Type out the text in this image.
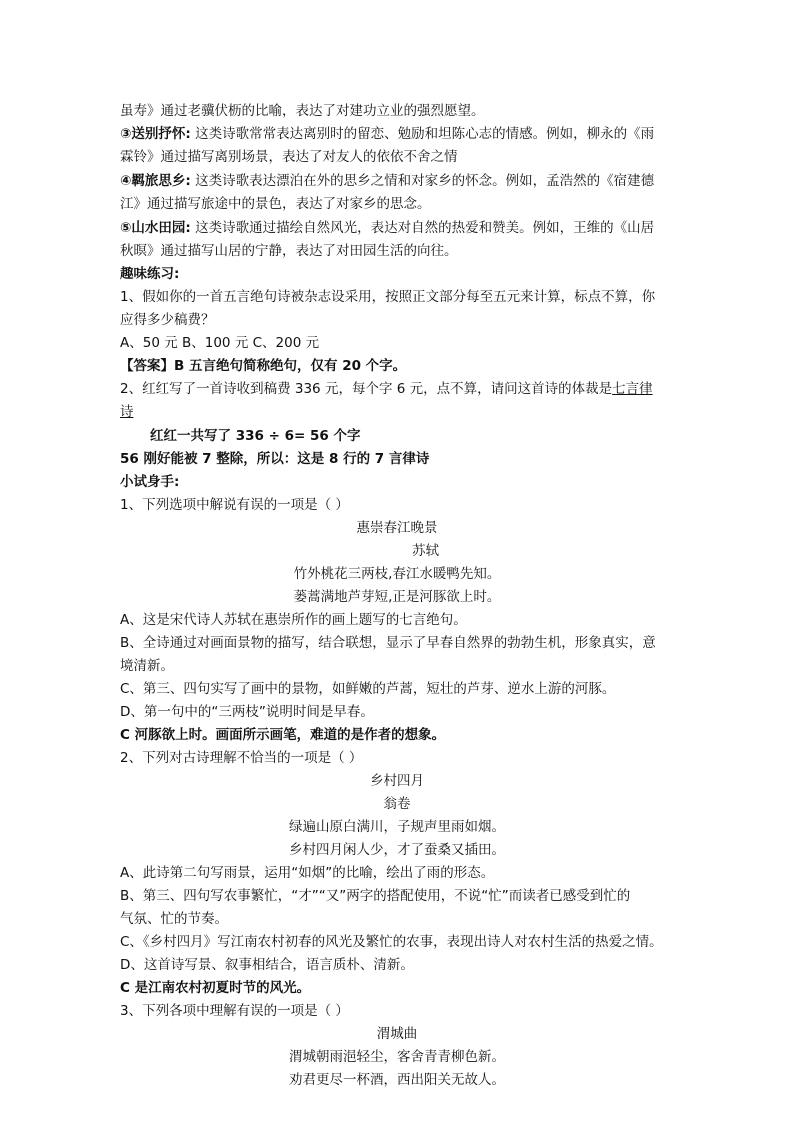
虽寿》通过老骥伏枥的比喻，表达了对建功立业的强烈愿望。
③送别抒怀: 这类诗歌常常表达离别时的留恋、勉励和坦陈心志的情感。例如，柳永的《雨
霖铃》通过描写离别场景，表达了对友人的依依不舍之情
④羁旅思乡: 这类诗歌表达漂泊在外的思乡之情和对家乡的怀念。例如，孟浩然的《宿建德
江》通过描写旅途中的景色，表达了对家乡的思念。
⑤山水田园: 这类诗歌通过描绘自然风光，表达对自然的热爱和赞美。例如，王维的《山居
秋暝》通过描写山居的宁静，表达了对田园生活的向往。
趣味练习:
1、假如你的一首五言绝句诗被杂志设采用，按照正文部分每至五元来计算，标点不算，你
应得多少稿费？
A、50 元 B、100 元 C、200 元
【答案】B 五言绝句简称绝句，仅有 20 个字。
2、红红写了一首诗收到稿费 336 元，每个字 6 元，点不算，请问这首诗的体裁是七言律
诗
红红一共写了 336 ÷ 6= 56 个字
56 刚好能被 7 整除，所以：这是 8 行的 7 言律诗
小试身手:
1、下列选项中解说有误的一项是（ ）
惠崇春江晚景
苏轼
竹外桃花三两枝,春江水暖鸭先知。
蒌蒿满地芦芽短,正是河豚欲上时。
A、这是宋代诗人苏轼在惠崇所作的画上题写的七言绝句。
B、全诗通过对画面景物的描写，结合联想，显示了早春自然界的勃勃生机，形象真实，意
境清新。
C、第三、四句实写了画中的景物，如鲜嫩的芦蒿，短壮的芦芽、逆水上游的河豚。
D、第一句中的“三两枝”说明时间是早春。
C 河豚欲上时。画面所示画笔，难道的是作者的想象。
2、下列对古诗理解不恰当的一项是（ ）
乡村四月
翁卷
绿遍山原白满川，子规声里雨如烟。
乡村四月闲人少，才了蚕桑又插田。
A、此诗第二句写雨景，运用“如烟”的比喻，绘出了雨的形态。
B、第三、四句写农事繁忙，“才”“又”两字的搭配使用，不说“忙”而读者已感受到忙的
气氛、忙的节奏。
C、《乡村四月》写江南农村初春的风光及繁忙的农事，表现出诗人对农村生活的热爱之情。
D、这首诗写景、叙事相结合，语言质朴、清新。
C 是江南农村初夏时节的风光。
3、下列各项中理解有误的一项是（ ）
渭城曲
渭城朝雨浥轻尘，客舍青青柳色新。
劝君更尽一杯酒，西出阳关无故人。
